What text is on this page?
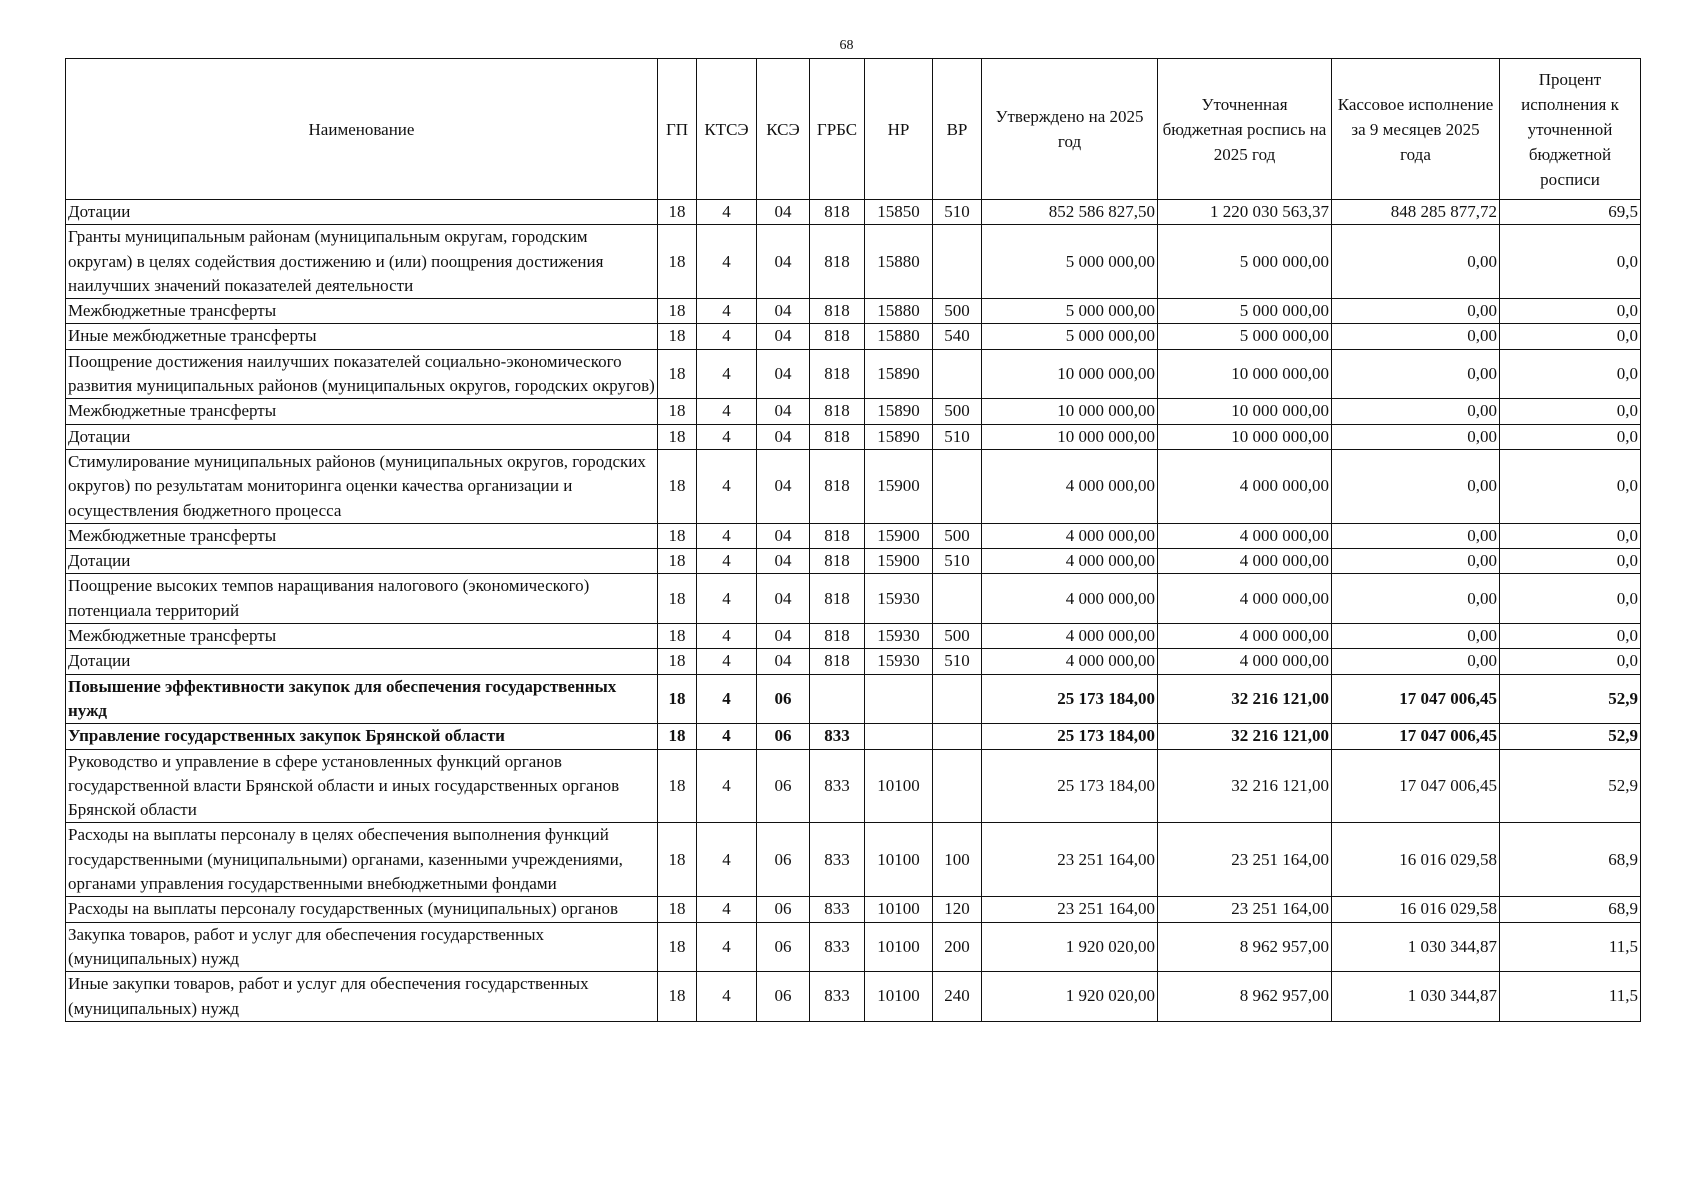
68
Наименование	ГП	КТСЭ	КСЭ	ГРБС	НР	ВР	Утверждено на 2025 год	Уточненная бюджетная роспись на 2025 год	Кассовое исполнение за 9 месяцев 2025 года	Процент исполнения к уточненной бюджетной росписи
Дотации	18	4	04	818	15850	510	852 586 827,50	1 220 030 563,37	848 285 877,72	69,5
Гранты муниципальным районам (муниципальным округам, городским округам) в целях содействия достижению и (или) поощрения достижения наилучших значений показателей деятельности	18	4	04	818	15880		5 000 000,00	5 000 000,00	0,00	0,0
Межбюджетные трансферты	18	4	04	818	15880	500	5 000 000,00	5 000 000,00	0,00	0,0
Иные межбюджетные трансферты	18	4	04	818	15880	540	5 000 000,00	5 000 000,00	0,00	0,0
Поощрение достижения наилучших показателей социально-экономического развития муниципальных районов (муниципальных округов, городских округов)	18	4	04	818	15890		10 000 000,00	10 000 000,00	0,00	0,0
Межбюджетные трансферты	18	4	04	818	15890	500	10 000 000,00	10 000 000,00	0,00	0,0
Дотации	18	4	04	818	15890	510	10 000 000,00	10 000 000,00	0,00	0,0
Стимулирование муниципальных районов (муниципальных округов, городских округов) по результатам мониторинга оценки качества организации и осуществления бюджетного процесса	18	4	04	818	15900		4 000 000,00	4 000 000,00	0,00	0,0
Межбюджетные трансферты	18	4	04	818	15900	500	4 000 000,00	4 000 000,00	0,00	0,0
Дотации	18	4	04	818	15900	510	4 000 000,00	4 000 000,00	0,00	0,0
Поощрение высоких темпов наращивания налогового (экономического) потенциала территорий	18	4	04	818	15930		4 000 000,00	4 000 000,00	0,00	0,0
Межбюджетные трансферты	18	4	04	818	15930	500	4 000 000,00	4 000 000,00	0,00	0,0
Дотации	18	4	04	818	15930	510	4 000 000,00	4 000 000,00	0,00	0,0
Повышение эффективности закупок для обеспечения государственных нужд	18	4	06				25 173 184,00	32 216 121,00	17 047 006,45	52,9
Управление государственных закупок Брянской области	18	4	06	833			25 173 184,00	32 216 121,00	17 047 006,45	52,9
Руководство и управление в сфере установленных функций органов государственной власти Брянской области и иных государственных органов Брянской области	18	4	06	833	10100		25 173 184,00	32 216 121,00	17 047 006,45	52,9
Расходы на выплаты персоналу в целях обеспечения выполнения функций государственными (муниципальными) органами, казенными учреждениями, органами управления государственными внебюджетными фондами	18	4	06	833	10100	100	23 251 164,00	23 251 164,00	16 016 029,58	68,9
Расходы на выплаты персоналу государственных (муниципальных) органов	18	4	06	833	10100	120	23 251 164,00	23 251 164,00	16 016 029,58	68,9
Закупка товаров, работ и услуг для обеспечения государственных (муниципальных) нужд	18	4	06	833	10100	200	1 920 020,00	8 962 957,00	1 030 344,87	11,5
Иные закупки товаров, работ и услуг для обеспечения государственных (муниципальных) нужд	18	4	06	833	10100	240	1 920 020,00	8 962 957,00	1 030 344,87	11,5
